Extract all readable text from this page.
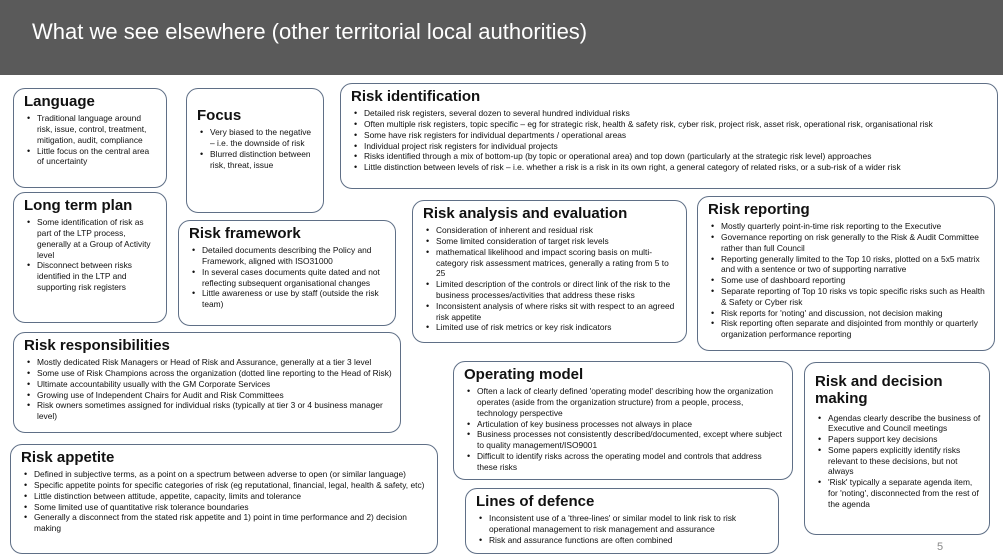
What we see elsewhere (other territorial local authorities)
Language
• Traditional language around risk, issue, control, treatment, mitigation, audit, compliance
• Little focus on the central area of uncertainty
Focus
• Very biased to the negative – i.e. the downside of risk
• Blurred distinction between risk, threat, issue
Risk identification
• Detailed risk registers, several dozen to several hundred individual risks
• Often multiple risk registers, topic specific – eg for strategic risk, health & safety risk, cyber risk, project risk, asset risk, operational risk, organisational risk
• Some have risk registers for individual departments / operational areas
• Individual project risk registers for individual projects
• Risks identified through a mix of bottom-up (by topic or operational area) and top down (particularly at the strategic risk level) approaches
• Little distinction between levels of risk – i.e. whether a risk is a risk in its own right, a general category of related risks, or a sub-risk of a wider risk
Long term plan
• Some identification of risk as part of the LTP process, generally at a Group of Activity level
• Disconnect between risks identified in the LTP and supporting risk registers
Risk framework
• Detailed documents describing the Policy and Framework, aligned with ISO31000
• In several cases documents quite dated and not reflecting subsequent organisational changes
• Little awareness or use by staff (outside the risk team)
Risk analysis and evaluation
• Consideration of inherent and residual risk
• Some limited consideration of target risk levels
• mathematical likelihood and impact scoring basis on multi-category risk assessment matrices, generally a rating from 5 to 25
• Limited description of the controls or direct link of the risk to the business processes/activities that address these risks
• Inconsistent analysis of where risks sit with respect to an agreed risk appetite
• Limited use of risk metrics or key risk indicators
Risk reporting
• Mostly quarterly point-in-time risk reporting to the Executive
• Governance reporting on risk generally to the Risk & Audit Committee rather than full Council
• Reporting generally limited to the Top 10 risks, plotted on a 5x5 matrix and with a sentence or two of supporting narrative
• Some use of dashboard reporting
• Separate reporting of Top 10 risks vs topic specific risks such as Health & Safety or Cyber risk
• Risk reports for 'noting' and discussion, not decision making
• Risk reporting often separate and disjointed from monthly or quarterly organization performance reporting
Risk responsibilities
• Mostly dedicated Risk Managers or Head of Risk and Assurance, generally at a tier 3 level
• Some use of Risk Champions across the organization (dotted line reporting to the Head of Risk)
• Ultimate accountability usually with the GM Corporate Services
• Growing use of Independent Chairs for Audit and Risk Committees
• Risk owners sometimes assigned for individual risks (typically at tier 3 or 4 business manager level)
Operating model
• Often a lack of clearly defined 'operating model' describing how the organization operates (aside from the organization structure) from a people, process, technology perspective
• Articulation of key business processes not always in place
• Business processes not consistently described/documented, except where subject to quality management/ISO9001
• Difficult to identify risks across the operating model and controls that address these risks
Risk and decision making
• Agendas clearly describe the business of Executive and Council meetings
• Papers support key decisions
• Some papers explicitly identify risks relevant to these decisions, but not always
• 'Risk' typically a separate agenda item, for 'noting', disconnected from the rest of the agenda
Risk appetite
• Defined in subjective terms, as a point on a spectrum between adverse to open (or similar language)
• Specific appetite points for specific categories of risk (eg reputational, financial, legal, health & safety, etc)
• Little distinction between attitude, appetite, capacity, limits and tolerance
• Some limited use of quantitative risk tolerance boundaries
• Generally a disconnect from the stated risk appetite and 1) point in time performance and 2) decision making
Lines of defence
• Inconsistent use of a 'three-lines' or similar model to link risk to risk operational management to risk management and assurance
• Risk and assurance functions are often combined
5
